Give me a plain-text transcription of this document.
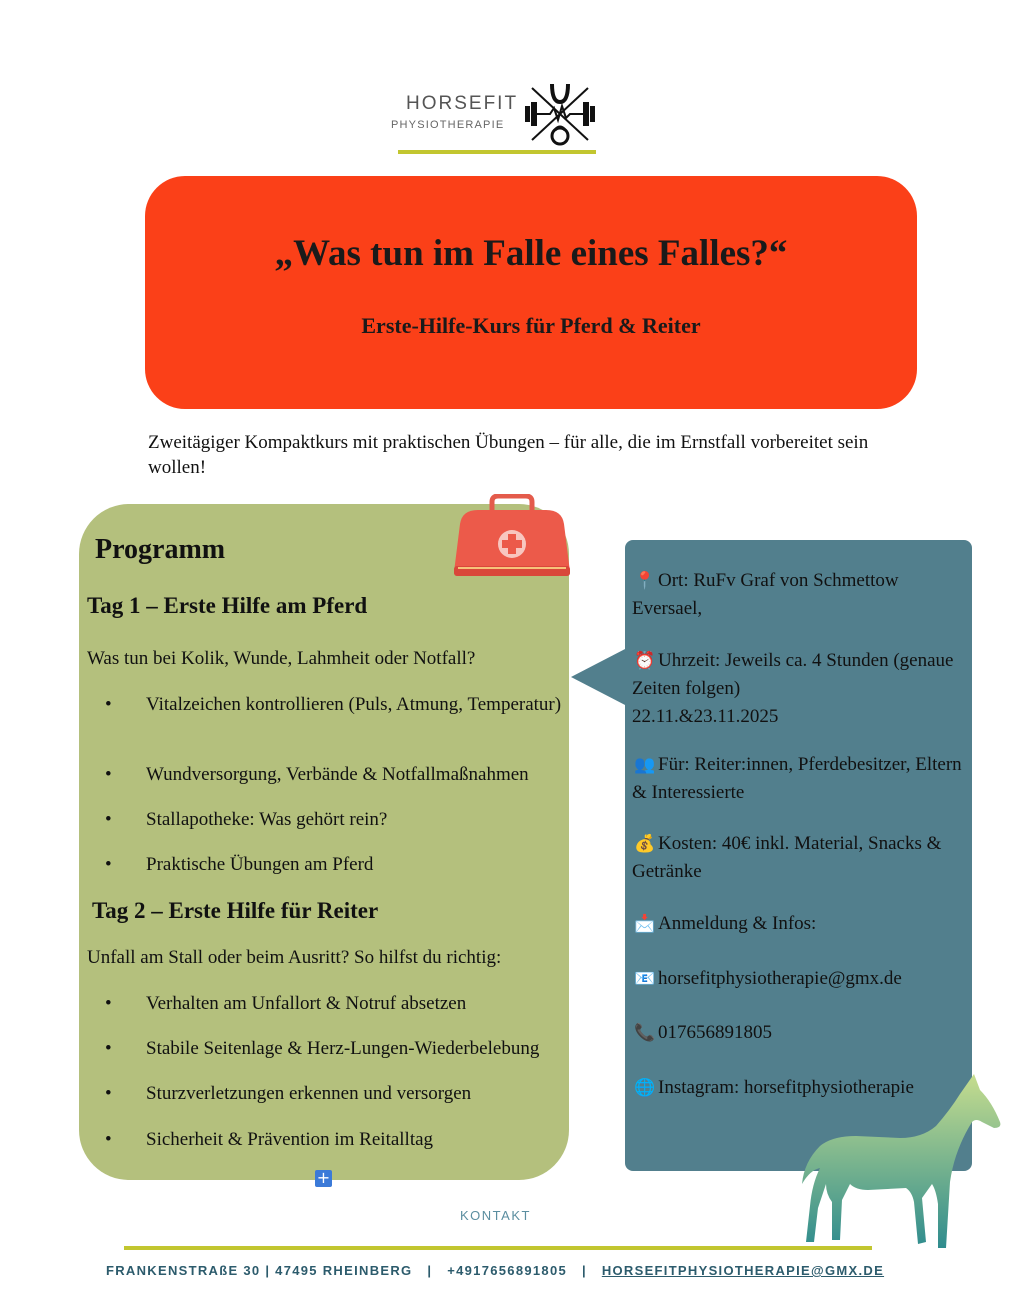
HORSEFIT
PHYSIOTHERAPIE
„Was tun im Falle eines Falles?“
Erste-Hilfe-Kurs für Pferd & Reiter

Zweitägiger Kompaktkurs mit praktischen Übungen – für alle, die im Ernstfall vorbereitet sein wollen!

Programm
Tag 1 – Erste Hilfe am Pferd
Was tun bei Kolik, Wunde, Lahmheit oder Notfall?
• Vitalzeichen kontrollieren (Puls, Atmung, Temperatur)
• Wundversorgung, Verbände & Notfallmaßnahmen
• Stallapotheke: Was gehört rein?
• Praktische Übungen am Pferd
Tag 2 – Erste Hilfe für Reiter
Unfall am Stall oder beim Ausritt? So hilfst du richtig:
• Verhalten am Unfallort & Notruf absetzen
• Stabile Seitenlage & Herz-Lungen-Wiederbelebung
• Sturzverletzungen erkennen und versorgen
• Sicherheit & Prävention im Reitalltag
📍 Ort: RuFv Graf von Schmettow Eversael,
⏰ Uhrzeit: Jeweils ca. 4 Stunden (genaue Zeiten folgen)
22.11.&23.11.2025
👥 Für: Reiter:innen, Pferdebesitzer, Eltern & Interessierte
💰 Kosten: 40€ inkl. Material, Snacks & Getränke
📩 Anmeldung & Infos:
📧 horsefitphysiotherapie@gmx.de
📞 017656891805
🌐 Instagram: horsefitphysiotherapie
+
KONTAKT
FRANKENSTRAßE 30 | 47495 RHEINBERG | +4917656891805 | HORSEFITPHYSIOTHERAPIE@GMX.DE
